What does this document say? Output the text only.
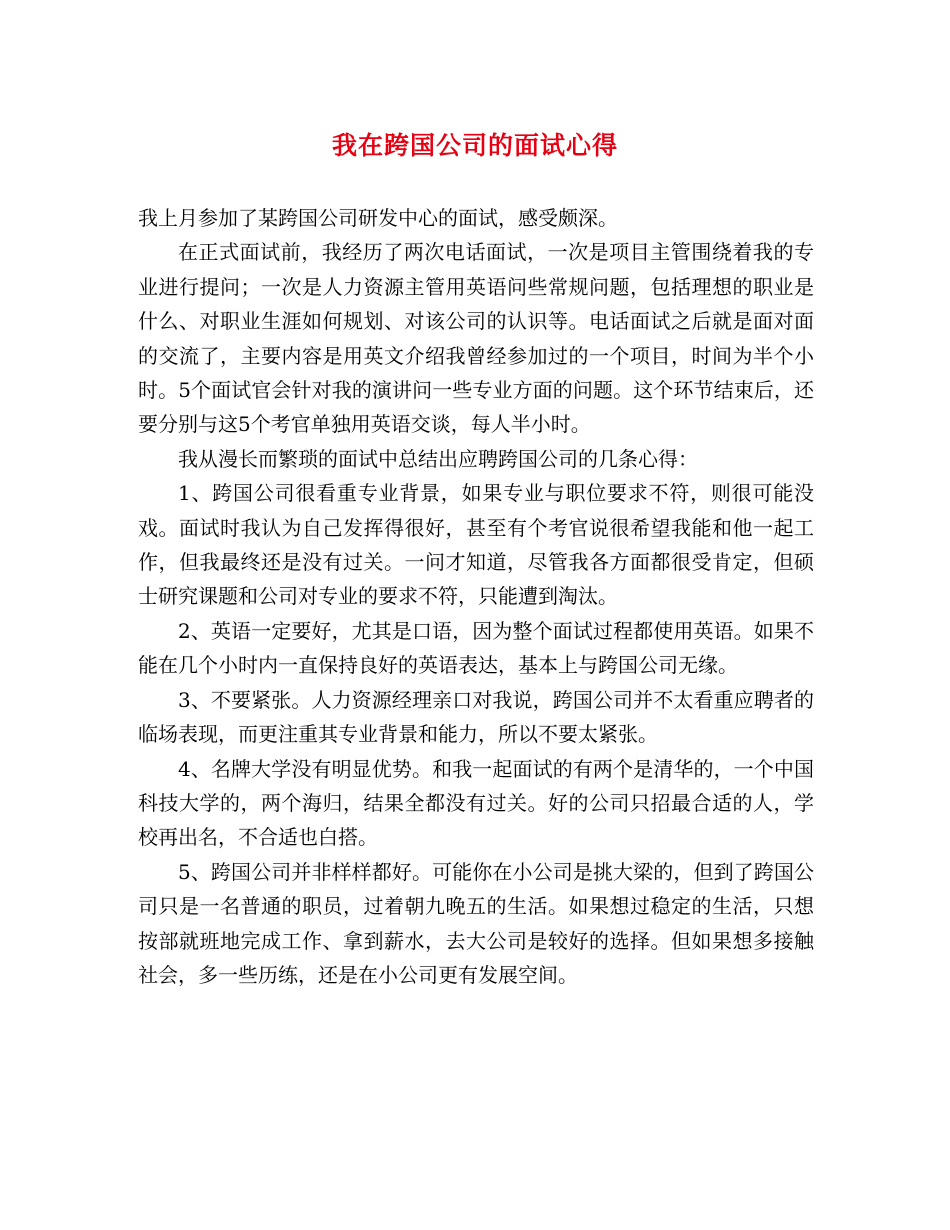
我在跨国公司的面试心得

我上月参加了某跨国公司研发中心的面试，感受颇深。

在正式面试前，我经历了两次电话面试，一次是项目主管围绕着我的专业进行提问；一次是人力资源主管用英语问些常规问题，包括理想的职业是什么、对职业生涯如何规划、对该公司的认识等。电话面试之后就是面对面的交流了，主要内容是用英文介绍我曾经参加过的一个项目，时间为半个小时。5个面试官会针对我的演讲问一些专业方面的问题。这个环节结束后，还要分别与这5个考官单独用英语交谈，每人半小时。

我从漫长而繁琐的面试中总结出应聘跨国公司的几条心得：

1、跨国公司很看重专业背景，如果专业与职位要求不符，则很可能没戏。面试时我认为自己发挥得很好，甚至有个考官说很希望我能和他一起工作，但我最终还是没有过关。一问才知道，尽管我各方面都很受肯定，但硕士研究课题和公司对专业的要求不符，只能遭到淘汰。

2、英语一定要好，尤其是口语，因为整个面试过程都使用英语。如果不能在几个小时内一直保持良好的英语表达，基本上与跨国公司无缘。

3、不要紧张。人力资源经理亲口对我说，跨国公司并不太看重应聘者的临场表现，而更注重其专业背景和能力，所以不要太紧张。

4、名牌大学没有明显优势。和我一起面试的有两个是清华的，一个中国科技大学的，两个海归，结果全都没有过关。好的公司只招最合适的人，学校再出名，不合适也白搭。

5、跨国公司并非样样都好。可能你在小公司是挑大梁的，但到了跨国公司只是一名普通的职员，过着朝九晚五的生活。如果想过稳定的生活，只想按部就班地完成工作、拿到薪水，去大公司是较好的选择。但如果想多接触社会，多一些历练，还是在小公司更有发展空间。
